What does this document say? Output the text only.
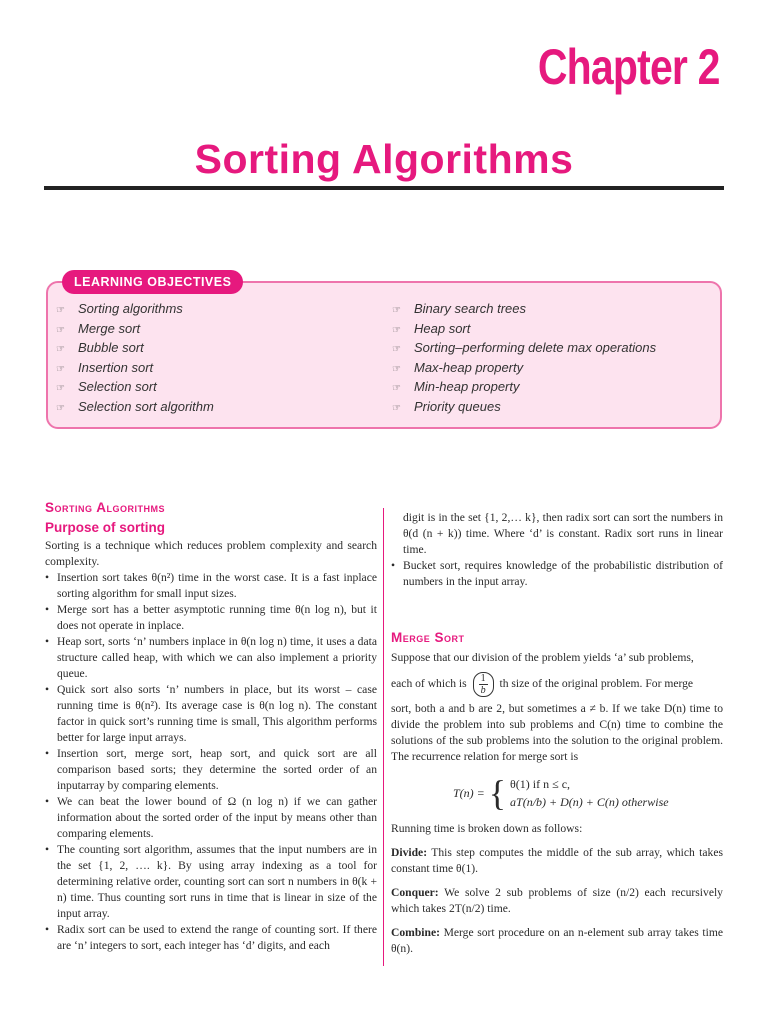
Chapter 2
Sorting Algorithms
LEARNING OBJECTIVES
☞ Sorting algorithms
☞ Merge sort
☞ Bubble sort
☞ Insertion sort
☞ Selection sort
☞ Selection sort algorithm
☞ Binary search trees
☞ Heap sort
☞ Sorting–performing delete max operations
☞ Max-heap property
☞ Min-heap property
☞ Priority queues
Sorting Algorithms
Purpose of sorting

Sorting is a technique which reduces problem complexity and search complexity.

• Insertion sort takes θ(n²) time in the worst case. It is a fast inplace sorting algorithm for small input sizes.
• Merge sort has a better asymptotic running time θ(n log n), but it does not operate in inplace.
• Heap sort, sorts ‘n’ numbers inplace in θ(n log n) time, it uses a data structure called heap, with which we can also implement a priority queue.
• Quick sort also sorts ‘n’ numbers in place, but its worst – case running time is θ(n²). Its average case is θ(n log n). The constant factor in quick sort’s running time is small, This algorithm performs better for large input arrays.
• Insertion sort, merge sort, heap sort, and quick sort are all comparison based sorts; they determine the sorted order of an inputarray by comparing elements.
• We can beat the lower bound of Ω (n log n) if we can gather information about the sorted order of the input by means other than comparing elements.
• The counting sort algorithm, assumes that the input numbers are in the set {1, 2, …. k}. By using array indexing as a tool for determining relative order, counting sort can sort n numbers in θ(k + n) time. Thus counting sort runs in time that is linear in size of the input array.
• Radix sort can be used to extend the range of counting sort. If there are ‘n’ integers to sort, each integer has ‘d’ digits, and each

digit is in the set {1, 2,… k}, then radix sort can sort the numbers in θ(d (n + k)) time. Where ‘d’ is constant. Radix sort runs in linear time.

• Bucket sort, requires knowledge of the probabilistic distribution of numbers in the input array.
Merge Sort

Suppose that our division of the problem yields ‘a’ sub problems,

each of which is $\frac{1}{b}$ th size of the original problem. For merge

sort, both a and b are 2, but sometimes a ≠ b. If we take D(n) time to divide the problem into sub problems and C(n) time to combine the solutions of the sub problems into the solution to the original problem. The recurrence relation for merge sort is

T(n) = { θ(1) if n ≤ c,
aT(n/b) + D(n) + C(n) otherwise

Running time is broken down as follows:

Divide: This step computes the middle of the sub array, which takes constant time θ(1).

Conquer: We solve 2 sub problems of size (n/2) each recursively which takes 2T(n/2) time.

Combine: Merge sort procedure on an n-element sub array takes time θ(n).
